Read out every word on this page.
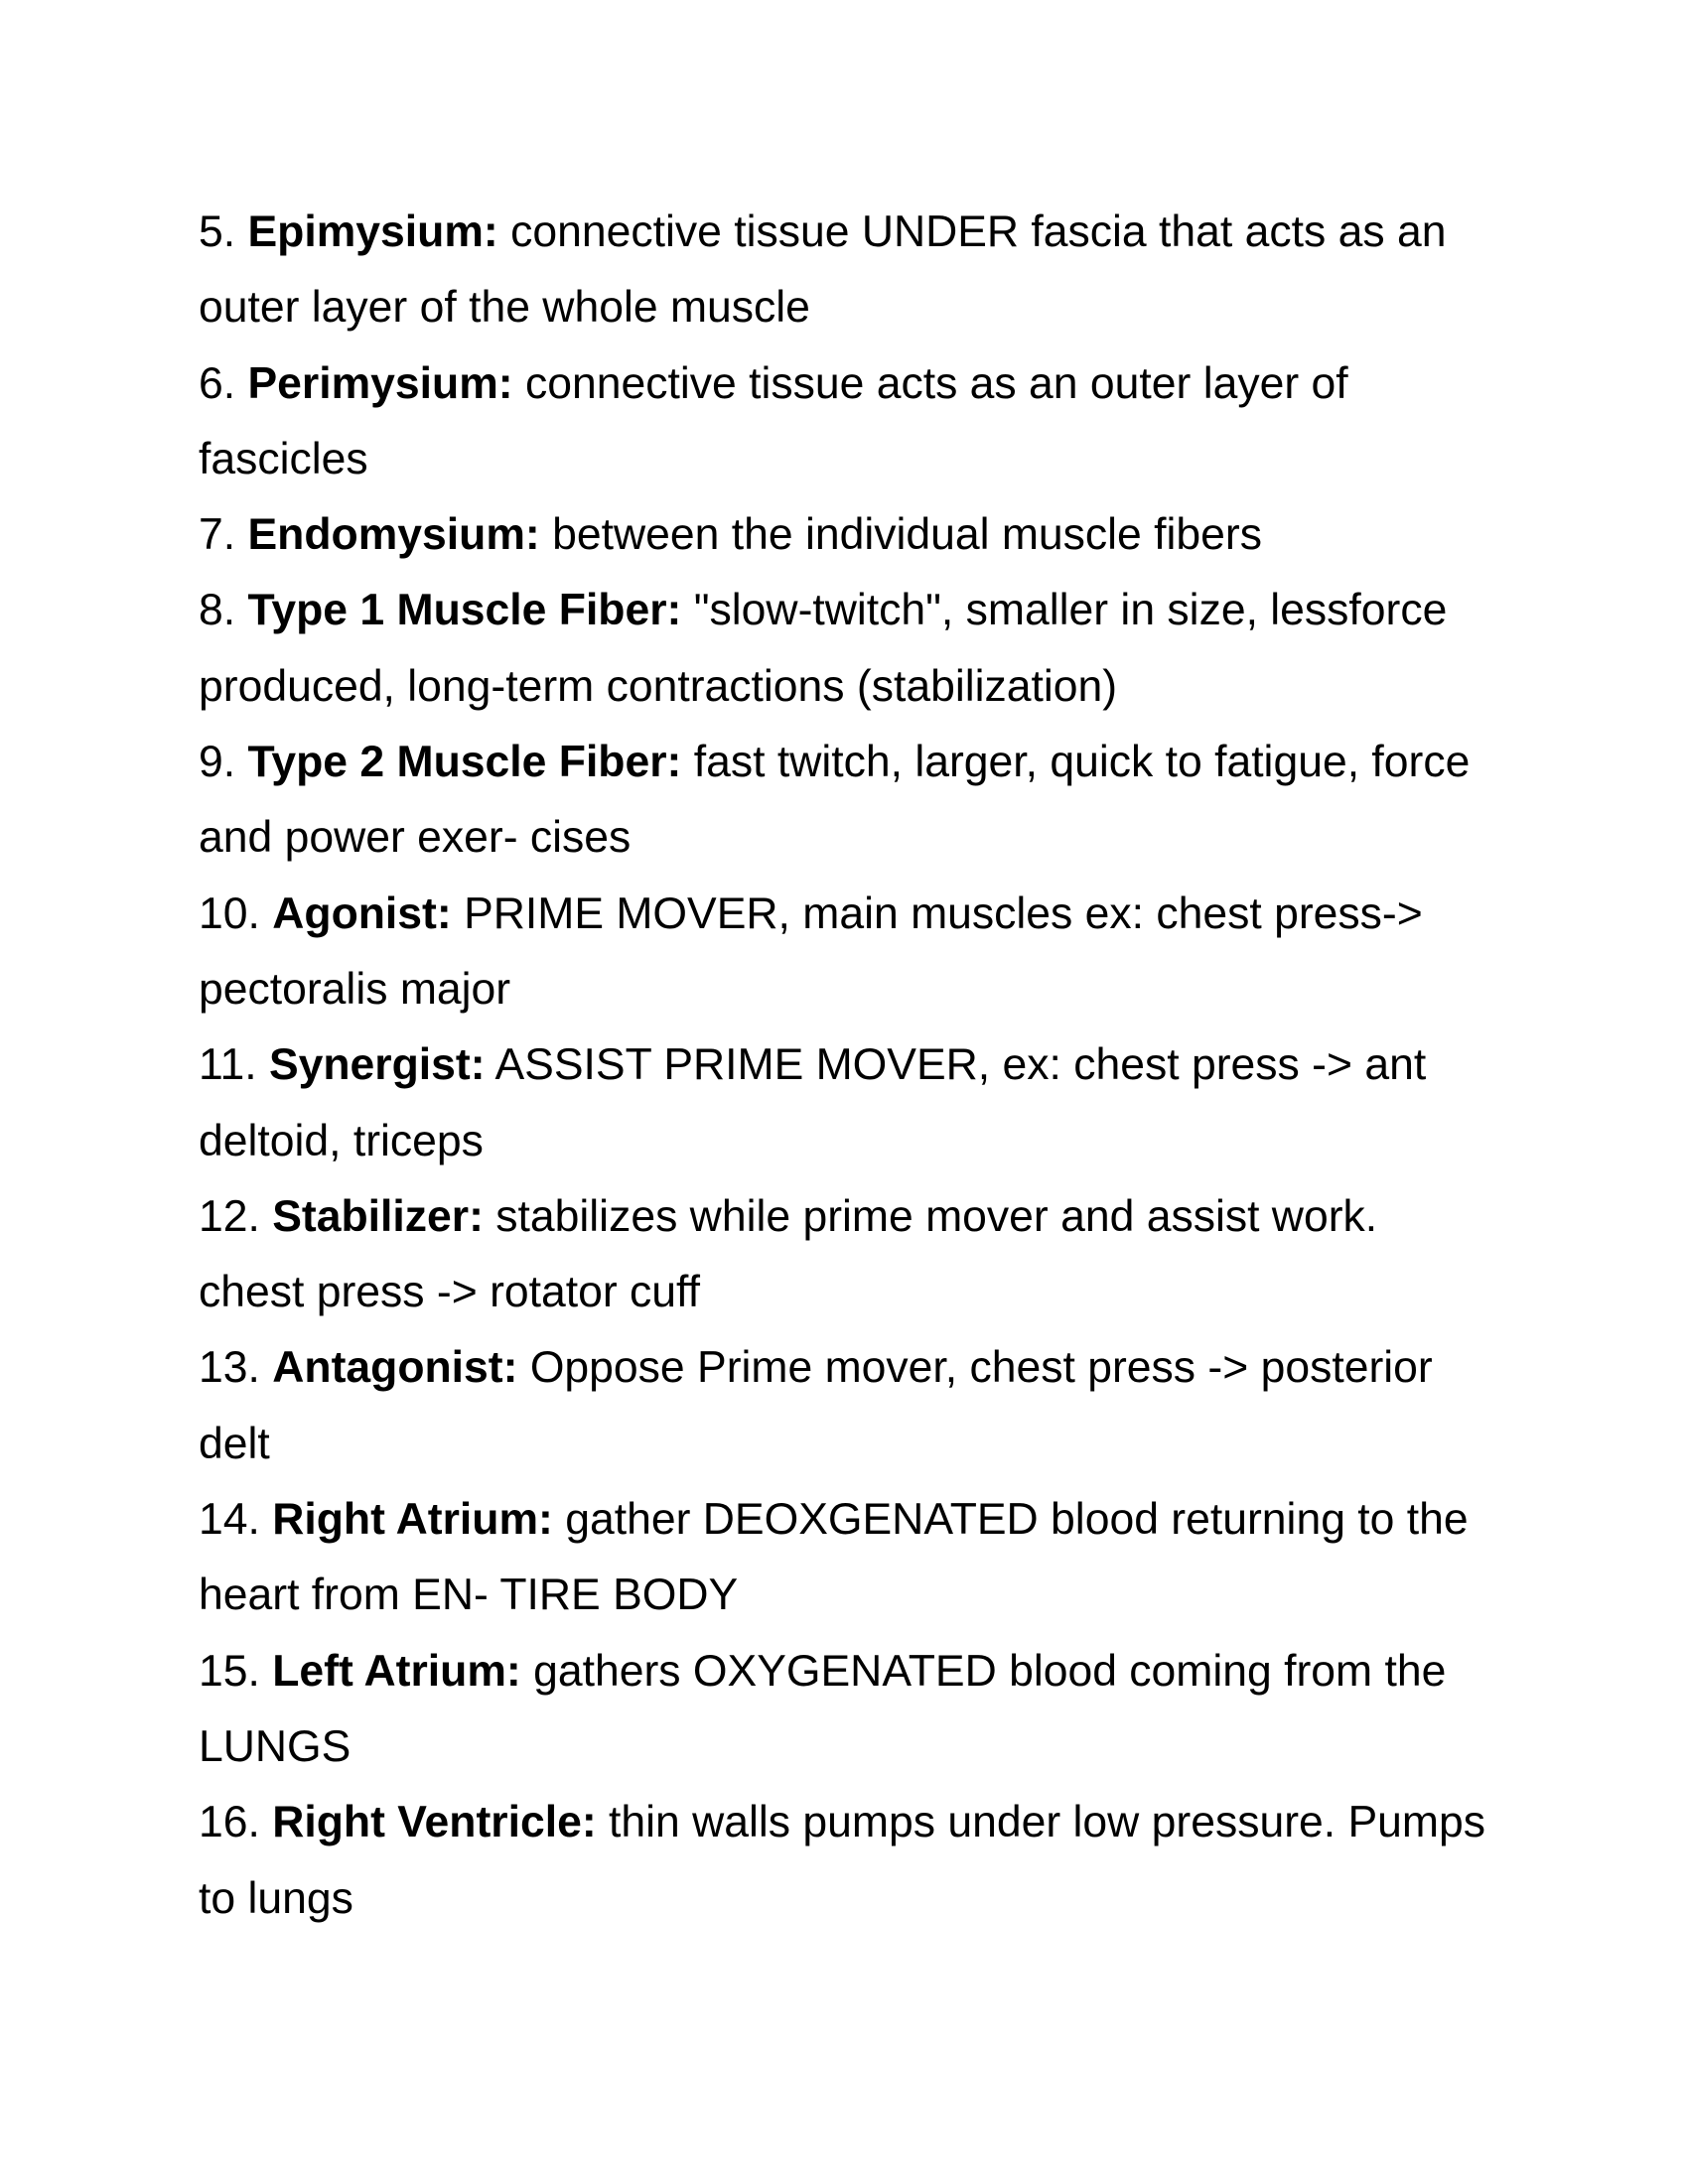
5. Epimysium: connective tissue UNDER fascia that acts as an outer layer of the whole muscle

6. Perimysium: connective tissue acts as an outer layer of fascicles

7. Endomysium: between the individual muscle fibers

8. Type 1 Muscle Fiber: "slow-twitch", smaller in size, lessforce produced, long-term contractions (stabilization)

9. Type 2 Muscle Fiber: fast twitch, larger, quick to fatigue, force and power exer- cises

10. Agonist: PRIME MOVER, main muscles ex: chest press-> pectoralis major

11. Synergist: ASSIST PRIME MOVER, ex: chest press -> ant deltoid, triceps

12. Stabilizer: stabilizes while prime mover and assist work. chest press -> rotator cuff

13. Antagonist: Oppose Prime mover, chest press -> posterior delt

14. Right Atrium: gather DEOXGENATED blood returning to the heart from EN- TIRE BODY

15. Left Atrium: gathers OXYGENATED blood coming from the LUNGS

16. Right Ventricle: thin walls pumps under low pressure. Pumps to lungs
